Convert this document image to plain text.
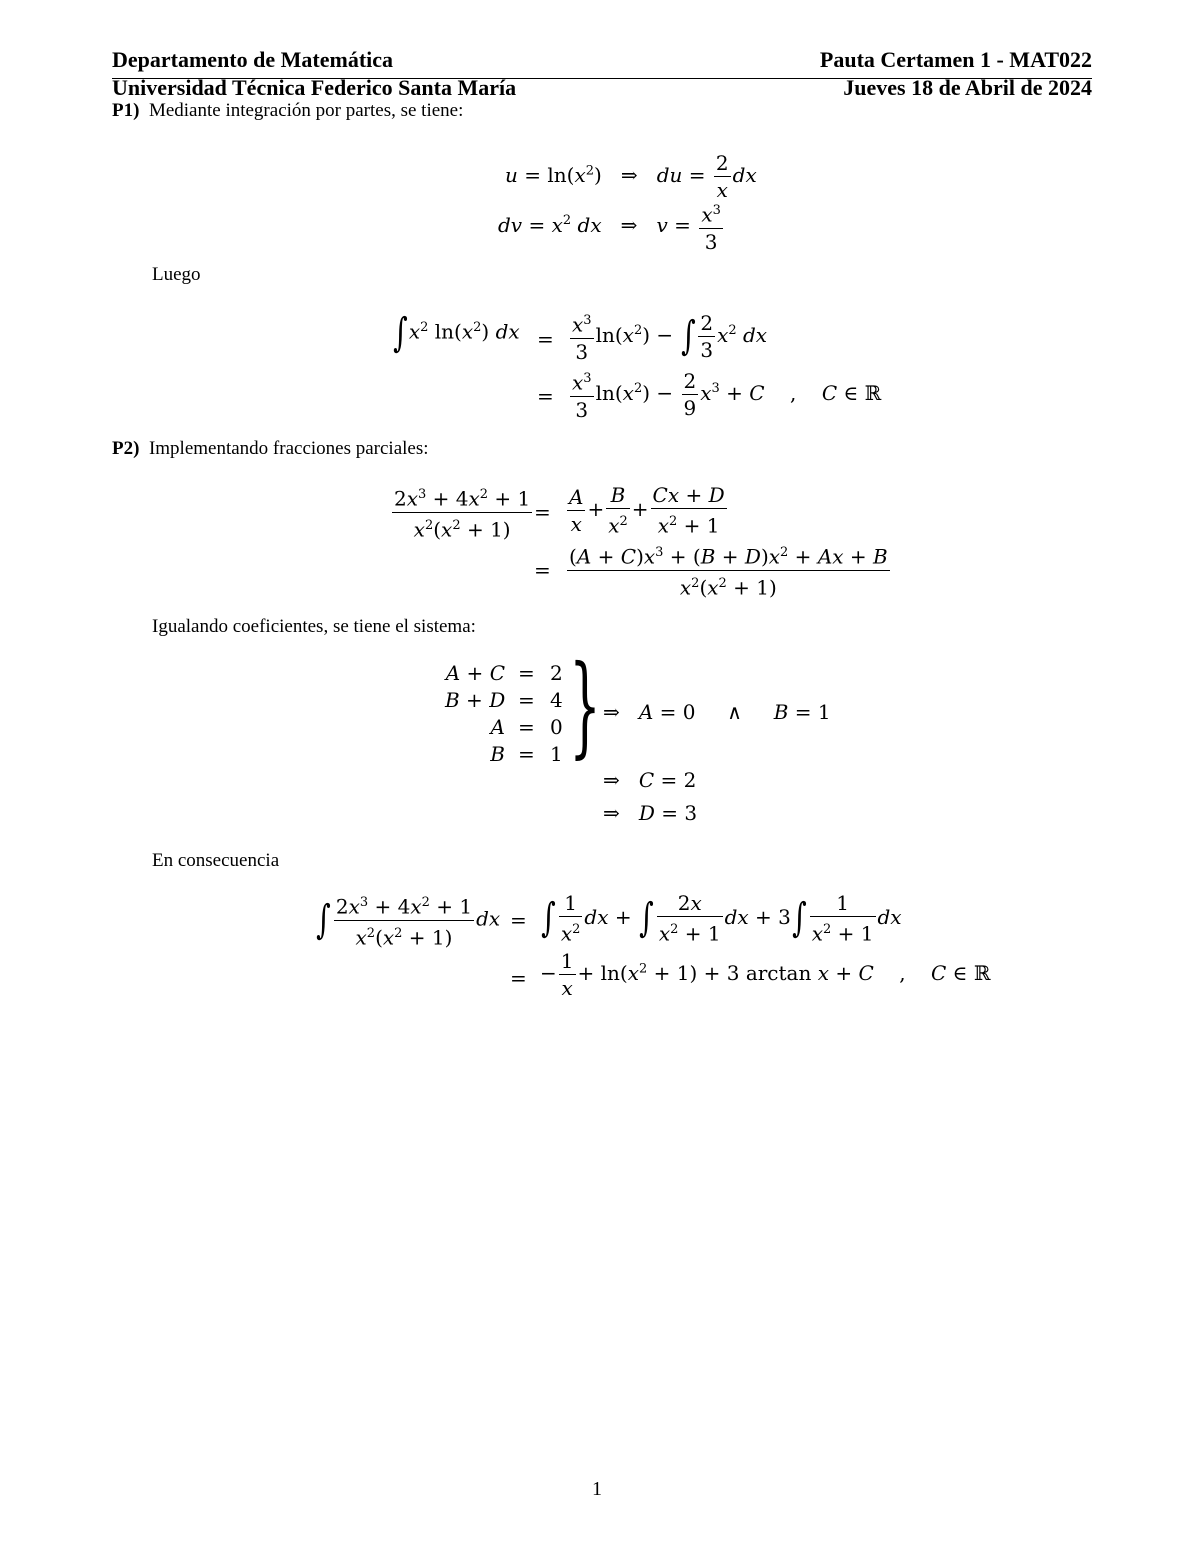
Departamento de Matemática
Universidad Técnica Federico Santa María
Pauta Certamen 1 - MAT022
Jueves 18 de Abril de 2024
P1) Mediante integración por partes, se tiene:
$u = \ln(x^2)$   ⇒   du = $\frac{2}{x}$ dx
dv = $x^2$ dx   ⇒   $v = \frac{x^3}{3}$
Luego
$\int x^2$ $\ln(x^2)$ dx = $\frac{x^3}{3} \ln(x^2)$ − ∫ $\frac{2}{3} x^2$ dx
= $\frac{x^3}{3} \ln(x^2) - \frac{2}{9} x^3 + C$    ,    C ∈ ℝ
P2) Implementando fracciones parciales:
$\frac{2x^3 + 4x^2 + 1}{x^2(x^2 + 1)} = \frac{A}{x} + \frac{B}{x^2} + \frac{Cx + D}{x^2 + 1}$
= $\frac{(A + C)x^3 + (B + D)x^2 + Ax + B}{x^2(x^2 + 1)}$
Igualando coeficientes, se tiene el sistema:
A + C
B + D
A
B
=
=
=
=
2
4
0
1 } ⇒   A = 0     ∧     B = 1
⇒   C = 2
⇒   D = 3
En consecuencia
∫ $\frac{2x^3 + 4x^2 + 1}{x^2(x^2 + 1)}$ dx = ∫ $\frac{1}{x^2}$ dx + ∫ $\frac{2x}{x^2 + 1}$ dx + $3\int \frac{1}{x^2 + 1}$ dx
= − $\frac{1}{x} + \ln(x^2 + 1) + 3$ arctan x + C    ,    C ∈ ℝ
1
